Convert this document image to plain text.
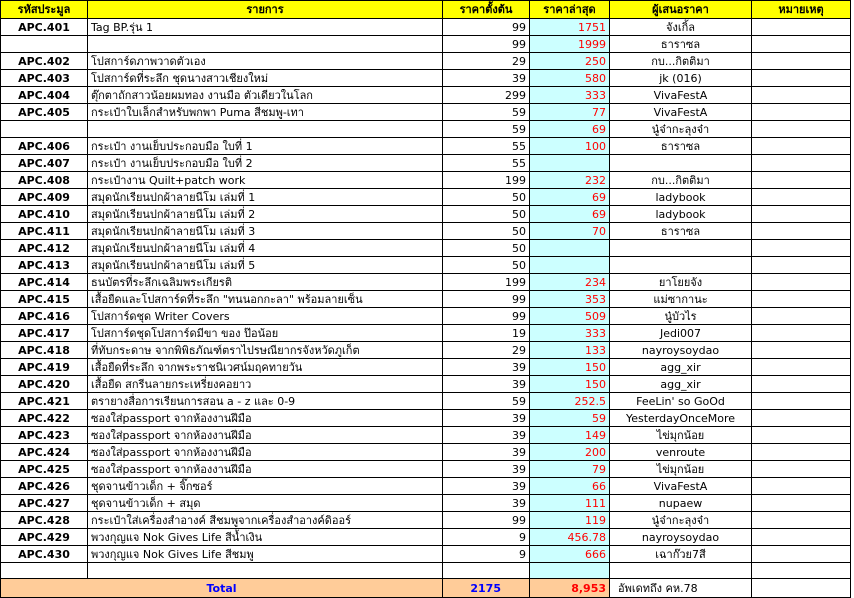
รหัสประมูล	รายการ	ราคาตั้งต้น	ราคาล่าสุด	ผู้เสนอราคา	หมายเหตุ
APC.401	Tag BP.รุ่น 1	99	1751	จังเกิ้ล	
		99	1999	ธาราซล	
APC.402	โปสการ์ดภาพวาดตัวเอง	29	250	กบ...กิตติมา	
APC.403	โปสการ์ดที่ระลึก ชุดนางสาวเชียงใหม่	39	580	jk (016)	
APC.404	ตุ๊กตาถักสาวน้อยผมทอง งานมือ ตัวเดียวในโลก	299	333	VivaFestA	
APC.405	กระเป๋าใบเล็กสำหรับพกพา Puma สีชมพู-เทา	59	77	VivaFestA	
		59	69	นู๋จ๋ากะลุงจ๋า	
APC.406	กระเป๋า งานเย็บประกอบมือ ใบที่ 1	55	100	ธาราซล	
APC.407	กระเป๋า งานเย็บประกอบมือ ใบที่ 2	55			
APC.408	กระเป๋างาน Quilt+patch work	199	232	กบ...กิตติมา	
APC.409	สมุดนักเรียนปกผ้าลายนีโม เล่มที่ 1	50	69	ladybook	
APC.410	สมุดนักเรียนปกผ้าลายนีโม เล่มที่ 2	50	69	ladybook	
APC.411	สมุดนักเรียนปกผ้าลายนีโม เล่มที่ 3	50	70	ธาราซล	
APC.412	สมุดนักเรียนปกผ้าลายนีโม เล่มที่ 4	50			
APC.413	สมุดนักเรียนปกผ้าลายนีโม เล่มที่ 5	50			
APC.414	ธนบัตรที่ระลึกเฉลิมพระเกียรติ	199	234	ยาโยยจัง	
APC.415	เสื้อยืดและโปสการ์ดที่ระลึก "ทนนอกกะลา" พร้อมลายเซ็น	99	353	แม่ซากานะ	
APC.416	โปสการ์ดชุด Writer Covers	99	509	นู๋บัวไร	
APC.417	โปสการ์ดชุดโปสการ์ดมีขา ของ ป๊อน้อย	19	333	Jedi007	
APC.418	ที่ทับกระดาษ จากพิพิธภัณฑ์ตราไปรษณียากรจังหวัดภูเก็ต	29	133	nayroysoydao	
APC.419	เสื้อยืดที่ระลึก จากพระราชนิเวศน์มฤคทายวัน	39	150	agg_xir	
APC.420	เสื้อยืด สกรีนลายกระเหรี่ยงคอยาว	39	150	agg_xir	
APC.421	ตรายางสื่อการเรียนการสอน a - z และ 0-9	59	252.5	FeeLin' so GoOd	
APC.422	ซองใส่passport จากห้องงานฝีมือ	39	59	YesterdayOnceMore	
APC.423	ซองใส่passport จากห้องงานฝีมือ	39	149	ไข่มุกน้อย	
APC.424	ซองใส่passport จากห้องงานฝีมือ	39	200	venroute	
APC.425	ซองใส่passport จากห้องงานฝีมือ	39	79	ไข่มุกน้อย	
APC.426	ชุดจานข้าวเด็ก + จิ๊กซอร์	39	66	VivaFestA	
APC.427	ชุดจานข้าวเด็ก + สมุด	39	111	nupaew	
APC.428	กระเป๋าใส่เครื่องสำอางค์ สีชมพูจากเครื่องสำอางค์ดิออร์	99	119	นู๋จ๋ากะลุงจ๋า	
APC.429	พวงกุญแจ Nok Gives Life สีน้ำเงิน	9	456.78	nayroysoydao	
APC.430	พวงกุญแจ Nok Gives Life สีชมพู	9	666	เฉาก๊วย7สี	

Total		2175	8,953	อัพเดทถึง คห.78	
